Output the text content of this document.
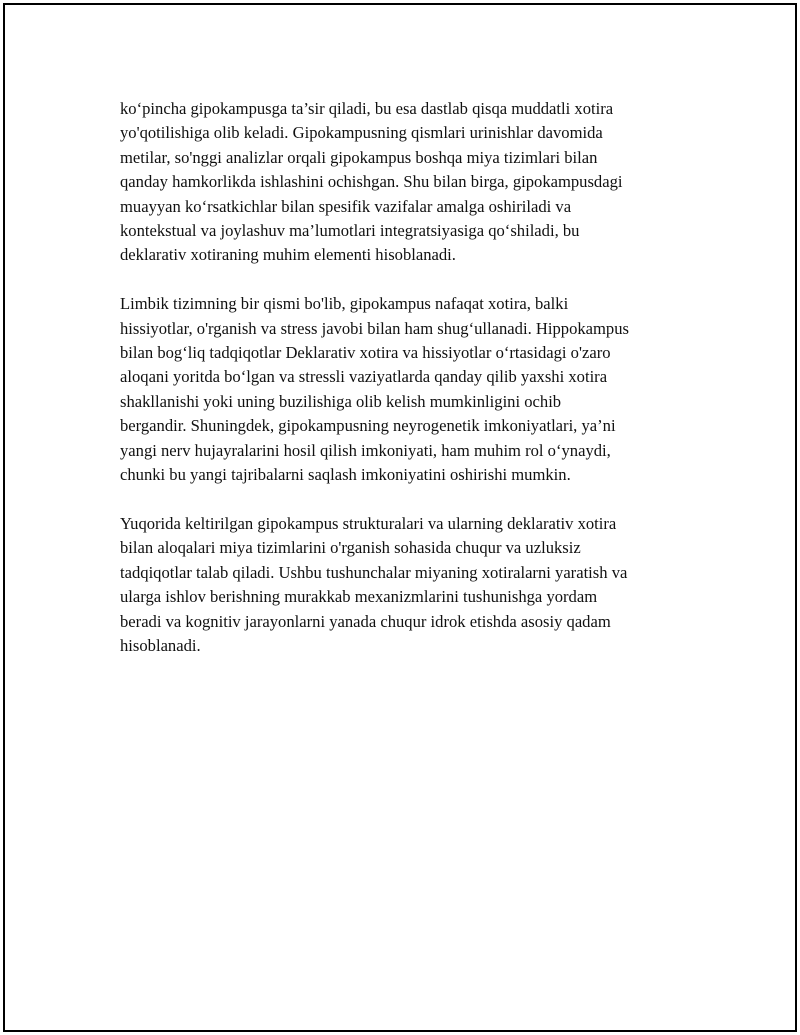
ko‘pincha gipokampusga ta’sir qiladi, bu esa dastlab qisqa muddatli xotira
yo'qotilishiga olib keladi. Gipokampusning qismlari urinishlar davomida
metilar, so'nggi analizlar orqali gipokampus boshqa miya tizimlari bilan
qanday hamkorlikda ishlashini ochishgan. Shu bilan birga, gipokampusdagi
muayyan ko‘rsatkichlar bilan spesifik vazifalar amalga oshiriladi va
kontekstual va joylashuv ma’lumotlari integratsiyasiga qo‘shiladi, bu
deklarativ xotiraning muhim elementi hisoblanadi.

Limbik tizimning bir qismi bo'lib, gipokampus nafaqat xotira, balki
hissiyotlar, o'rganish va stress javobi bilan ham shug‘ullanadi. Hippokampus
bilan bog‘liq tadqiqotlar Deklarativ xotira va hissiyotlar o‘rtasidagi o'zaro
aloqani yoritda bo‘lgan va stressli vaziyatlarda qanday qilib yaxshi xotira
shakllanishi yoki uning buzilishiga olib kelish mumkinligini ochib
bergandir. Shuningdek, gipokampusning neyrogenetik imkoniyatlari, ya’ni
yangi nerv hujayralarini hosil qilish imkoniyati, ham muhim rol o‘ynaydi,
chunki bu yangi tajribalarni saqlash imkoniyatini oshirishi mumkin.

Yuqorida keltirilgan gipokampus strukturalari va ularning deklarativ xotira
bilan aloqalari miya tizimlarini o'rganish sohasida chuqur va uzluksiz
tadqiqotlar talab qiladi. Ushbu tushunchalar miyaning xotiralarni yaratish va
ularga ishlov berishning murakkab mexanizmlarini tushunishga yordam
beradi va kognitiv jarayonlarni yanada chuqur idrok etishda asosiy qadam
hisoblanadi.
